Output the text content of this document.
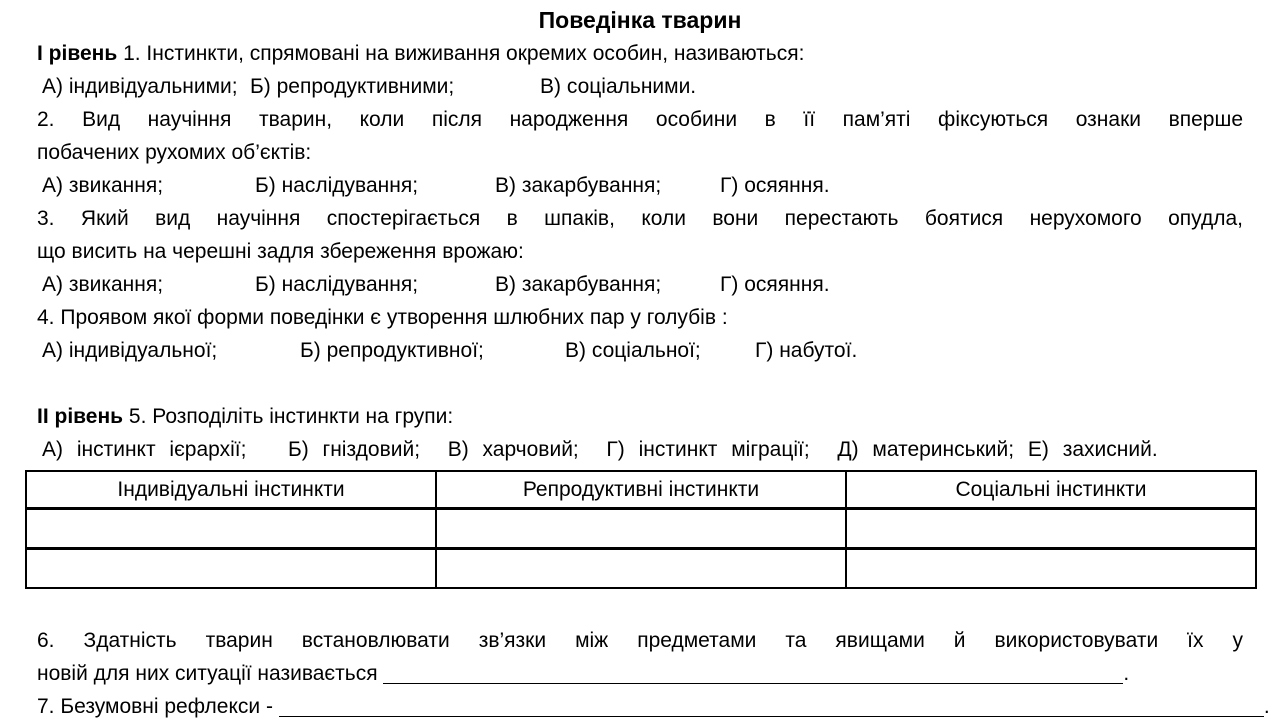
Поведінка тварин
І рівень 1. Інстинкти, спрямовані на виживання окремих особин, називаються:
А) індивідуальними; Б) репродуктивними;	В) соціальними.
2. Вид научіння тварин, коли після народження особини в її пам’яті фіксуються ознаки вперше
побачених рухомих об’єктів:
А) звикання;	Б) наслідування;	В) закарбування;	Г) осяяння.
3. Який вид научіння спостерігається в шпаків, коли вони перестають боятися нерухомого опудла,
що висить на черешні задля збереження врожаю:
А) звикання;	Б) наслідування;	В) закарбування;	Г) осяяння.
4. Проявом якої форми поведінки є утворення шлюбних пар у голубів :
А) індивідуальної;	Б) репродуктивної;	В) соціальної;	Г) набутої.
ІІ рівень 5. Розподіліть інстинкти на групи:
А) інстинкт ієрархії;   Б) гніздовий;  В) харчовий;  Г) інстинкт міграції;  Д) материнський; Е) захисний.
Індивідуальні інстинкти	Репродуктивні інстинкти	Соціальні інстинкти

6. Здатність тварин встановлювати зв’язки між предметами та явищами й використовувати їх у
новій для них ситуації називається	.
7. Безумовні рефлекси -	.
